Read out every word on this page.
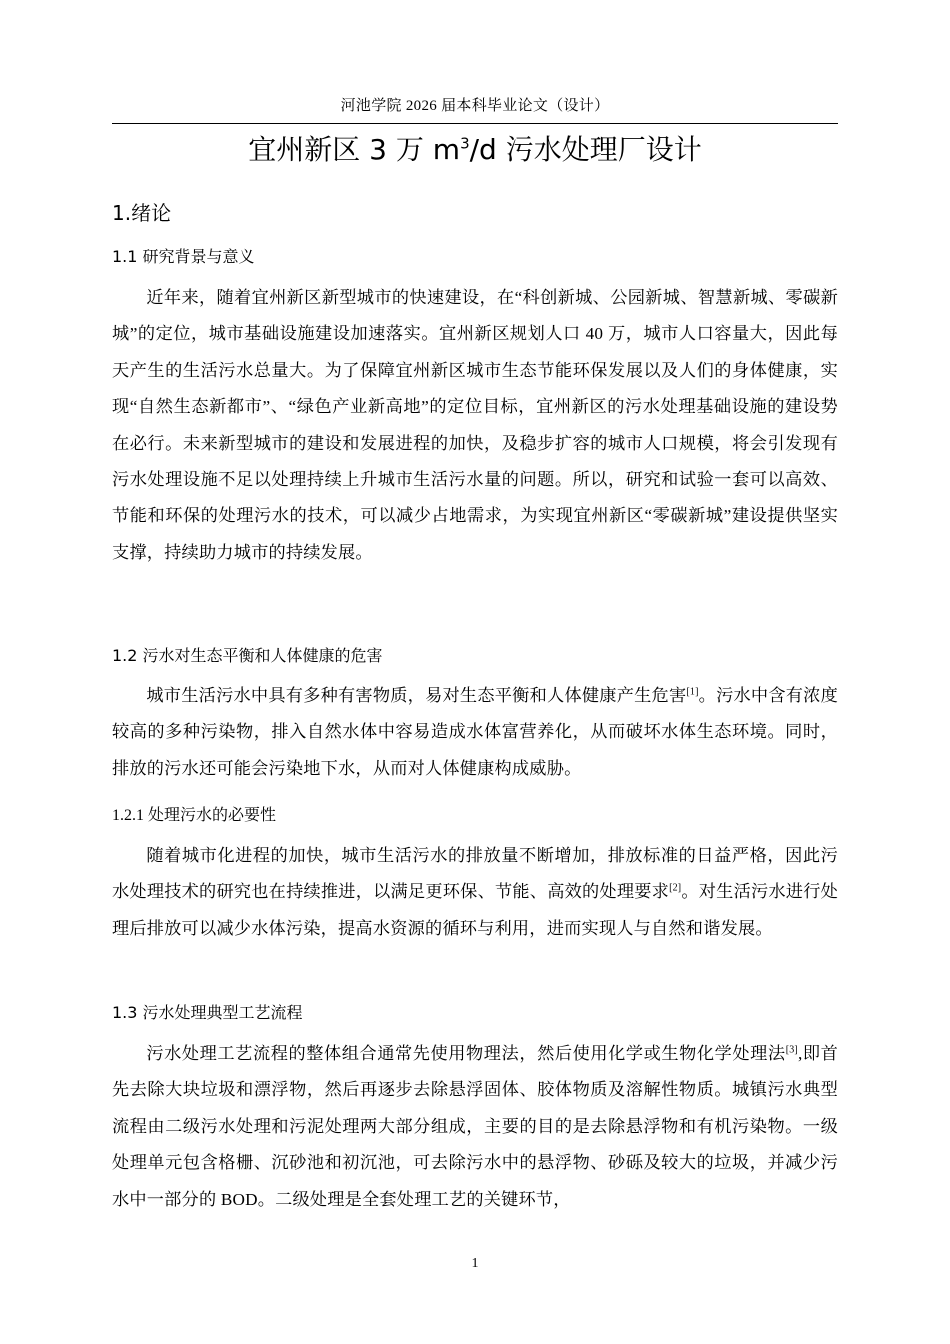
河池学院 2026 届本科毕业论文（设计）
宜州新区 3 万 $m^3/d$ 污水处理厂设计
1.绪论
1.1 研究背景与意义
近年来，随着宜州新区新型城市的快速建设，在“科创新城、公园新城、智慧新城、零碳新城”的定位，城市基础设施建设加速落实。宜州新区规划人口 40 万，城市人口容量大，因此每天产生的生活污水总量大。为了保障宜州新区城市生态节能环保发展以及人们的身体健康，实现“自然生态新都市”、“绿色产业新高地”的定位目标，宜州新区的污水处理基础设施的建设势在必行。未来新型城市的建设和发展进程的加快，及稳步扩容的城市人口规模，将会引发现有污水处理设施不足以处理持续上升城市生活污水量的问题。所以，研究和试验一套可以高效、节能和环保的处理污水的技术，可以减少占地需求，为实现宜州新区“零碳新城”建设提供坚实支撑，持续助力城市的持续发展。
1.2 污水对生态平衡和人体健康的危害
城市生活污水中具有多种有害物质，易对生态平衡和人体健康产生危害[1]。污水中含有浓度较高的多种污染物，排入自然水体中容易造成水体富营养化，从而破坏水体生态环境。同时，排放的污水还可能会污染地下水，从而对人体健康构成威胁。
1.2.1 处理污水的必要性
随着城市化进程的加快，城市生活污水的排放量不断增加，排放标准的日益严格，因此污水处理技术的研究也在持续推进，以满足更环保、节能、高效的处理要求[2]。对生活污水进行处理后排放可以减少水体污染，提高水资源的循环与利用，进而实现人与自然和谐发展。
1.3 污水处理典型工艺流程
污水处理工艺流程的整体组合通常先使用物理法，然后使用化学或生物化学处理法[3],即首先去除大块垃圾和漂浮物，然后再逐步去除悬浮固体、胶体物质及溶解性物质。城镇污水典型流程由二级污水处理和污泥处理两大部分组成，主要的目的是去除悬浮物和有机污染物。一级处理单元包含格栅、沉砂池和初沉池，可去除污水中的悬浮物、砂砾及较大的垃圾，并减少污水中一部分的 BOD。二级处理是全套处理工艺的关键环节，
1
